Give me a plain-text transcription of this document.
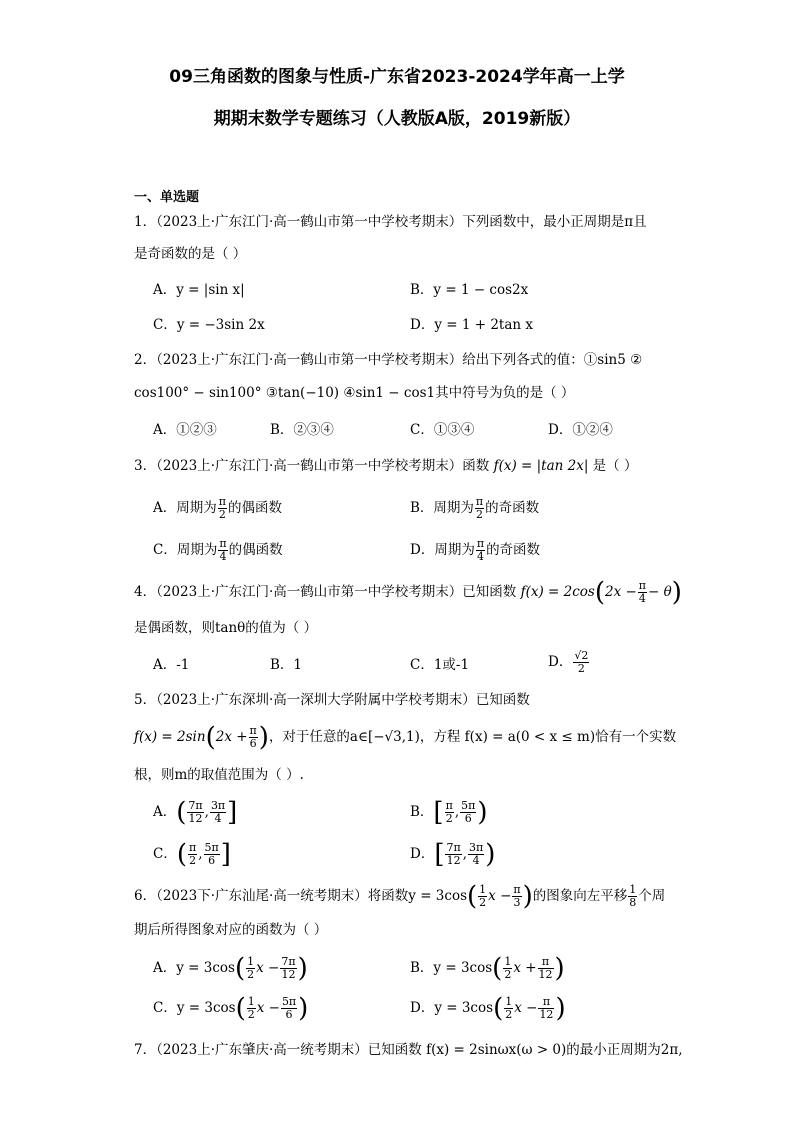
09三角函数的图象与性质-广东省2023-2024学年高一上学
期期末数学专题练习（人教版A版，2019新版）
一、单选题
1．（2023上·广东江门·高一鹤山市第一中学校考期末）下列函数中，最小正周期是π且
是奇函数的是（ ）
A．y = |sin x|	B．y = 1 − cos2x
C．y = −3sin 2x	D．y = 1 + 2tan x
2．（2023上·广东江门·高一鹤山市第一中学校考期末）给出下列各式的值：①sin5 ②
cos100° − sin100° ③tan(−10) ④sin1 − cos1其中符号为负的是（ ）
A．①②③	B．②③④	C．①③④	D．①②④
3．（2023上·广东江门·高一鹤山市第一中学校考期末）函数 f(x) = |tan 2x| 是（ ）
A．周期为 $\frac{\pi}{2}$ 的偶函数	B．周期为 $\frac{\pi}{2}$ 的奇函数
C．周期为 $\frac{\pi}{4}$ 的偶函数	D．周期为 $\frac{\pi}{4}$ 的奇函数
4．（2023上·广东江门·高一鹤山市第一中学校考期末）已知函数 $f(x) = 2\cos(2x - \frac{\pi}{4} - \theta)$
是偶函数，则tanθ的值为（ ）
A．-1	B．1	C．1或-1	D． $\frac{√2}{2}$
5．（2023上·广东深圳·高一深圳大学附属中学校考期末）已知函数
$f(x) = 2\sin(2x + \frac{\pi}{6}$ )，对于任意的a∈[−√3,1)，方程 f(x) = a(0 < x ≤ m)恰有一个实数
根，则m的取值范围为（ ）.
A．( $\frac{7\pi}{12}$ , $\frac{3\pi}{4}$ ]	B．[ $\frac{\pi}{2}$ , $\frac{5\pi}{6}$ )
C．( $\frac{\pi}{2}$ , $\frac{5\pi}{6}$ ]	D．[ $\frac{7\pi}{12}$ , $\frac{3\pi}{4}$ )
6．（2023下·广东汕尾·高一统考期末）将函数$y = 3\cos( \frac{1}{2}$ $x - \frac{\pi}{3}$ )的图象向左平移 $\frac{1}{8}$ 个周
期后所得图象对应的函数为（ ）
A．$y = 3\cos( \frac{1}{2}$ $x - \frac{7\pi}{12}$ )	B．$y = 3\cos( \frac{1}{2}$ $x + \frac{\pi}{12}$ )
C．$y = 3\cos( \frac{1}{2}$ $x - \frac{5\pi}{6}$ )	D．$y = 3\cos( \frac{1}{2}$ $x - \frac{\pi}{12}$ )
7．（2023上·广东肇庆·高一统考期末）已知函数 f(x) = 2sinωx(ω > 0)的最小正周期为2π,
